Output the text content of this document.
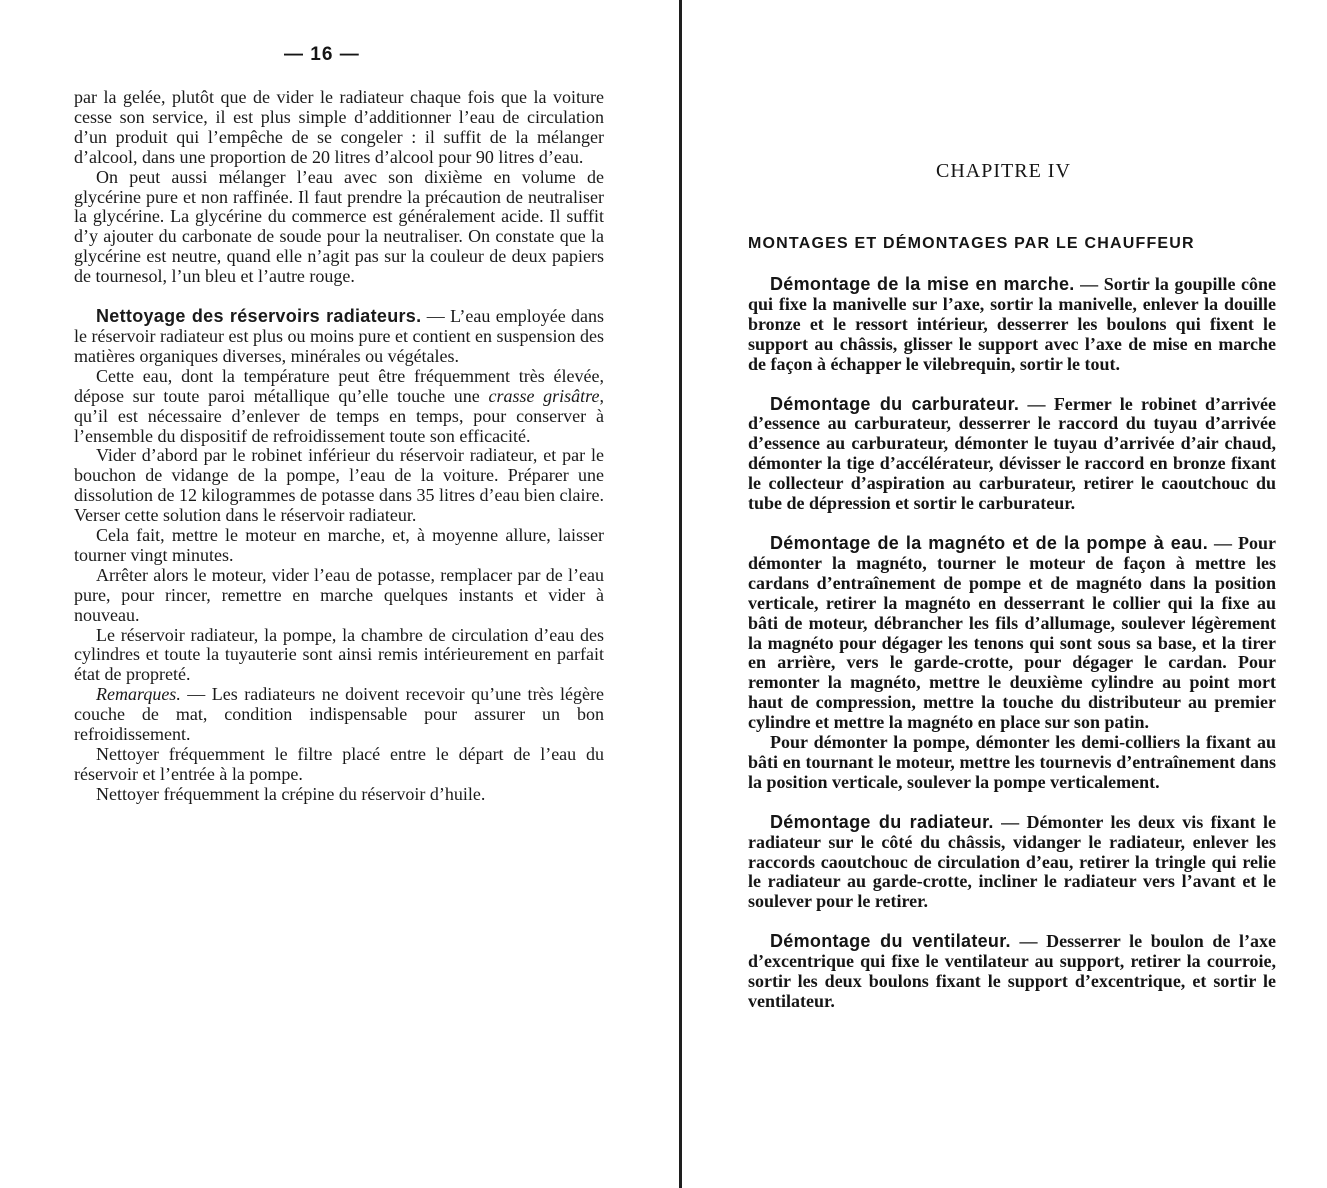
— 16 —

par la gelée, plutôt que de vider le radiateur chaque fois que la voiture cesse son service, il est plus simple d’additionner l’eau de circulation d’un produit qui l’empêche de se congeler : il suffit de la mélanger d’alcool, dans une proportion de 20 litres d’alcool pour 90 litres d’eau.

On peut aussi mélanger l’eau avec son dixième en volume de glycérine pure et non raffinée. Il faut prendre la précaution de neutraliser la glycérine. La glycérine du commerce est généralement acide. Il suffit d’y ajouter du carbonate de soude pour la neutraliser. On constate que la glycérine est neutre, quand elle n’agit pas sur la couleur de deux papiers de tournesol, l’un bleu et l’autre rouge.

Nettoyage des réservoirs radiateurs. — L’eau employée dans le réservoir radiateur est plus ou moins pure et contient en suspension des matières organiques diverses, minérales ou végétales.

Cette eau, dont la température peut être fréquemment très élevée, dépose sur toute paroi métallique qu’elle touche une crasse grisâtre, qu’il est nécessaire d’enlever de temps en temps, pour conserver à l’ensemble du dispositif de refroidissement toute son efficacité.

Vider d’abord par le robinet inférieur du réservoir radiateur, et par le bouchon de vidange de la pompe, l’eau de la voiture. Préparer une dissolution de 12 kilogrammes de potasse dans 35 litres d’eau bien claire. Verser cette solution dans le réservoir radiateur.

Cela fait, mettre le moteur en marche, et, à moyenne allure, laisser tourner vingt minutes.

Arrêter alors le moteur, vider l’eau de potasse, remplacer par de l’eau pure, pour rincer, remettre en marche quelques instants et vider à nouveau.

Le réservoir radiateur, la pompe, la chambre de circulation d’eau des cylindres et toute la tuyauterie sont ainsi remis intérieurement en parfait état de propreté.

Remarques. — Les radiateurs ne doivent recevoir qu’une très légère couche de mat, condition indispensable pour assurer un bon refroidissement.

Nettoyer fréquemment le filtre placé entre le départ de l’eau du réservoir et l’entrée à la pompe.

Nettoyer fréquemment la crépine du réservoir d’huile.

CHAPITRE IV
MONTAGES ET DÉMONTAGES PAR LE CHAUFFEUR

Démontage de la mise en marche. — Sortir la goupille cône qui fixe la manivelle sur l’axe, sortir la manivelle, enlever la douille bronze et le ressort intérieur, desserrer les boulons qui fixent le support au châssis, glisser le support avec l’axe de mise en marche de façon à échapper le vilebrequin, sortir le tout.

Démontage du carburateur. — Fermer le robinet d’arrivée d’essence au carburateur, desserrer le raccord du tuyau d’arrivée d’essence au carburateur, démonter le tuyau d’arrivée d’air chaud, démonter la tige d’accélérateur, dévisser le raccord en bronze fixant le collecteur d’aspiration au carburateur, retirer le caoutchouc du tube de dépression et sortir le carburateur.

Démontage de la magnéto et de la pompe à eau. — Pour démonter la magnéto, tourner le moteur de façon à mettre les cardans d’entraînement de pompe et de magnéto dans la position verticale, retirer la magnéto en desserrant le collier qui la fixe au bâti de moteur, débrancher les fils d’allumage, soulever légèrement la magnéto pour dégager les tenons qui sont sous sa base, et la tirer en arrière, vers le garde-crotte, pour dégager le cardan. Pour remonter la magnéto, mettre le deuxième cylindre au point mort haut de compression, mettre la touche du distributeur au premier cylindre et mettre la magnéto en place sur son patin.

Pour démonter la pompe, démonter les demi-colliers la fixant au bâti en tournant le moteur, mettre les tournevis d’entraînement dans la position verticale, soulever la pompe verticalement.

Démontage du radiateur. — Démonter les deux vis fixant le radiateur sur le côté du châssis, vidanger le radiateur, enlever les raccords caoutchouc de circulation d’eau, retirer la tringle qui relie le radiateur au garde-crotte, incliner le radiateur vers l’avant et le soulever pour le retirer.

Démontage du ventilateur. — Desserrer le boulon de l’axe d’excentrique qui fixe le ventilateur au support, retirer la courroie, sortir les deux boulons fixant le support d’excentrique, et sortir le ventilateur.
